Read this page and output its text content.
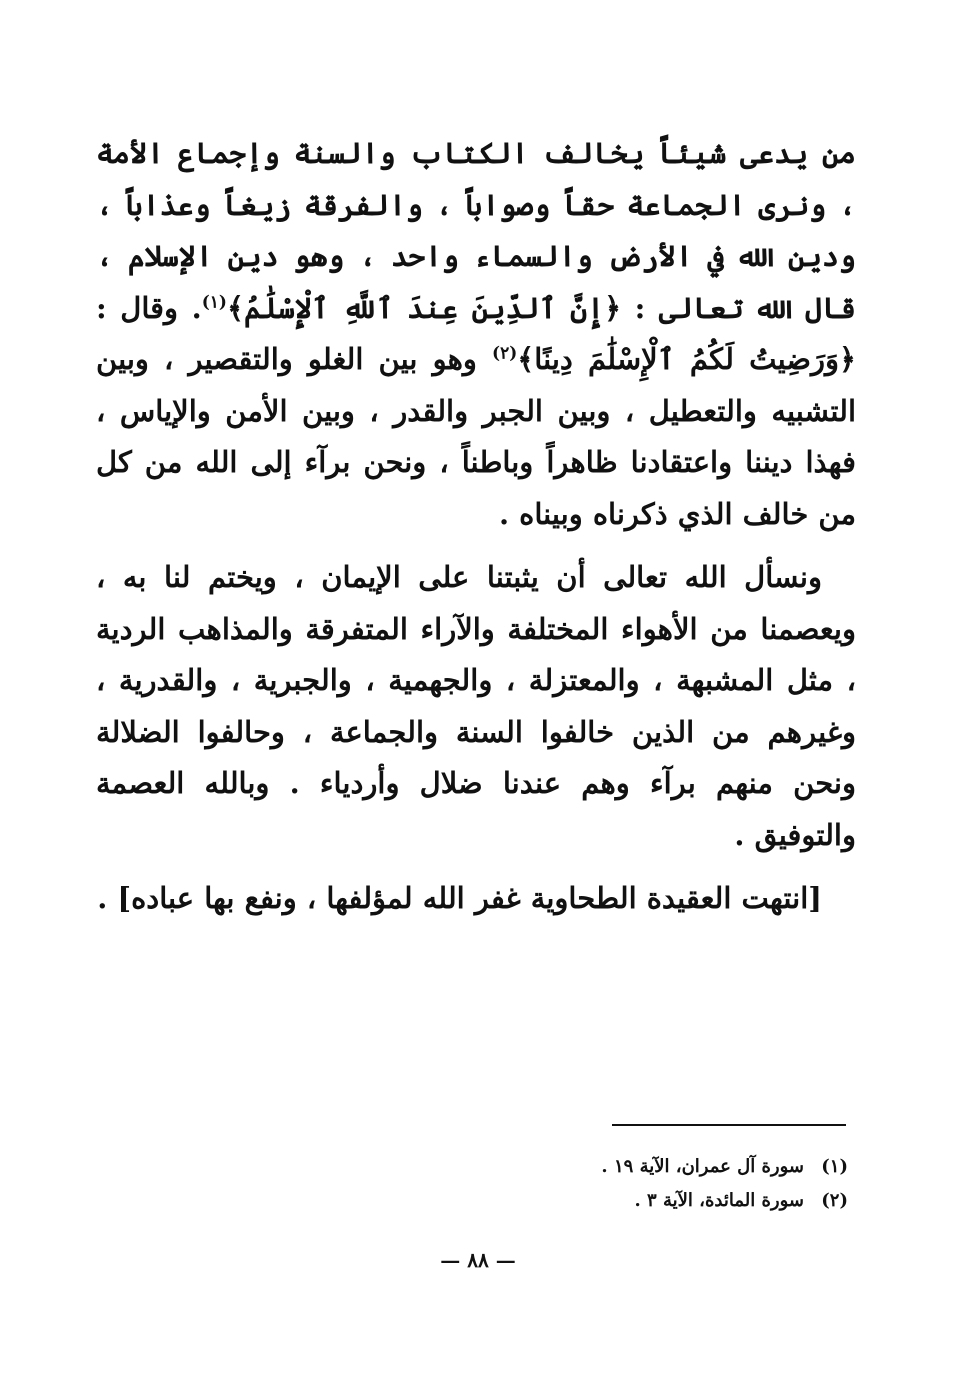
من يدعى شيئاً يخالف الكتاب والسنة وإجماع الأمة ، ونرى الجماعة حقاً وصواباً ، والفرقة زيغاً وعذاباً ، ودين الله في الأرض والسماء واحد ، وهو دين الإسلام ، قال الله تعالى : ﴿إِنَّ ٱلدِّينَ عِندَ ٱللَّهِ ٱلْإِسْلَٰمُ﴾$^{(١)}$. وقال : ﴿وَرَضِيتُ لَكُمُ ٱلْإِسْلَٰمَ دِينًا﴾$^{(٢)}$ وهو بين الغلو والتقصير ، وبين التشبيه والتعطيل ، وبين الجبر والقدر ، وبين الأمن والإياس ، فهذا ديننا واعتقادنا ظاهراً وباطناً ، ونحن برآء إلى الله من كل من خالف الذي ذكرناه وبيناه .

ونسأل الله تعالى أن يثبتنا على الإيمان ، ويختم لنا به ، ويعصمنا من الأهواء المختلفة والآراء المتفرقة والمذاهب الردية ، مثل المشبهة ، والمعتزلة ، والجهمية ، والجبرية ، والقدرية ، وغيرهم من الذين خالفوا السنة والجماعة ، وحالفوا الضلالة ونحن منهم برآء وهم عندنا ضلال وأردياء . وبالله العصمة والتوفيق .

[انتهت العقيدة الطحاوية غفر الله لمؤلفها ، ونفع بها عباده] .

(١)
سورة آل عمران، الآية ١٩ .
(٢)
سورة المائدة، الآية ٣ .
— ٨٨ —
